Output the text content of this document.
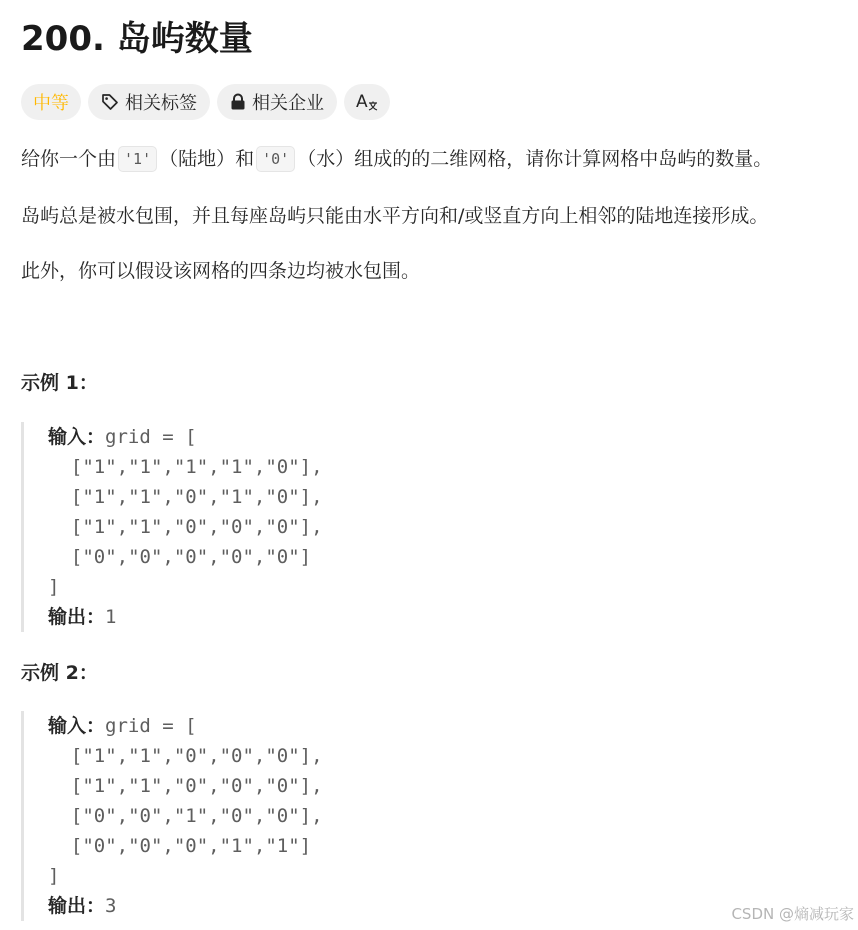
200. 岛屿数量
中等	相关标签	相关企业 A

给你一个由 '1' （陆地）和 '0' （水）组成的的二维网格，请你计算网格中岛屿的数量。

岛屿总是被水包围，并且每座岛屿只能由水平方向和/或竖直方向上相邻的陆地连接形成。

此外，你可以假设该网格的四条边均被水包围。

示例 1：
输入：grid = [
["1","1","1","1","0"],
["1","1","0","1","0"],
["1","1","0","0","0"],
["0","0","0","0","0"]
]
输出：1
示例 2：
输入：grid = [
["1","1","0","0","0"],
["1","1","0","0","0"],
["0","0","1","0","0"],
["0","0","0","1","1"]
]
输出：3	CSDN @熵减玩家
